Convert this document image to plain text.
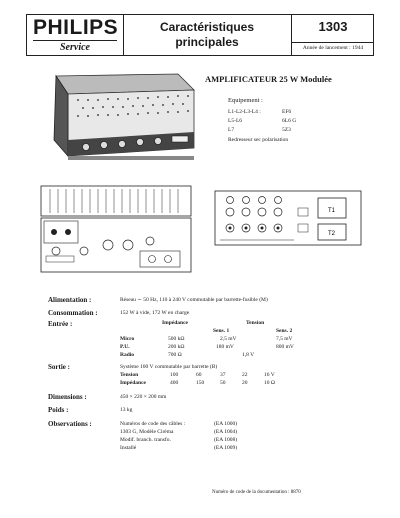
PHILIPS
Service
Caractéristiques
principales
1303
Année de lancement : 1944
AMPLIFICATEUR 25 W Modulée
Equipement :
L1-L2-L3-L4 :	EF6
L5-L6	6L6 G
L7	5Z3
Redresseur sec polarisation
T1
T2
Alimentation :	Réseau ∼ 50 Hz, 110 à 240 V commutable par barrette-fusible (M)
Consommation :	152 W à vide, 172 W en charge
Entrée :	Impédance	Tension
Sens. 1	Sens. 2
Micro	500 kΩ	2,5 mV	7,5 mV
P.U.	200 kΩ	180 mV	800 mV
Radio	700 Ω	1,8 V
Sortie :	Système 100 V commutable par barrette (B)
Tension	100	60	37	22	16 V
Impédance	400	150	50	20	10 Ω
Dimensions :	450 × 220 × 200 mm
Poids :	13 kg
Observations :	Numéros de code des câbles :	(EA 1000)
1303 G, Modèle Ciréma	(EA 1004)
Modif. branch. transfo.	(EA 1008)
Installé	(EA 1009)
Numéro de code de la documentation : 8870
